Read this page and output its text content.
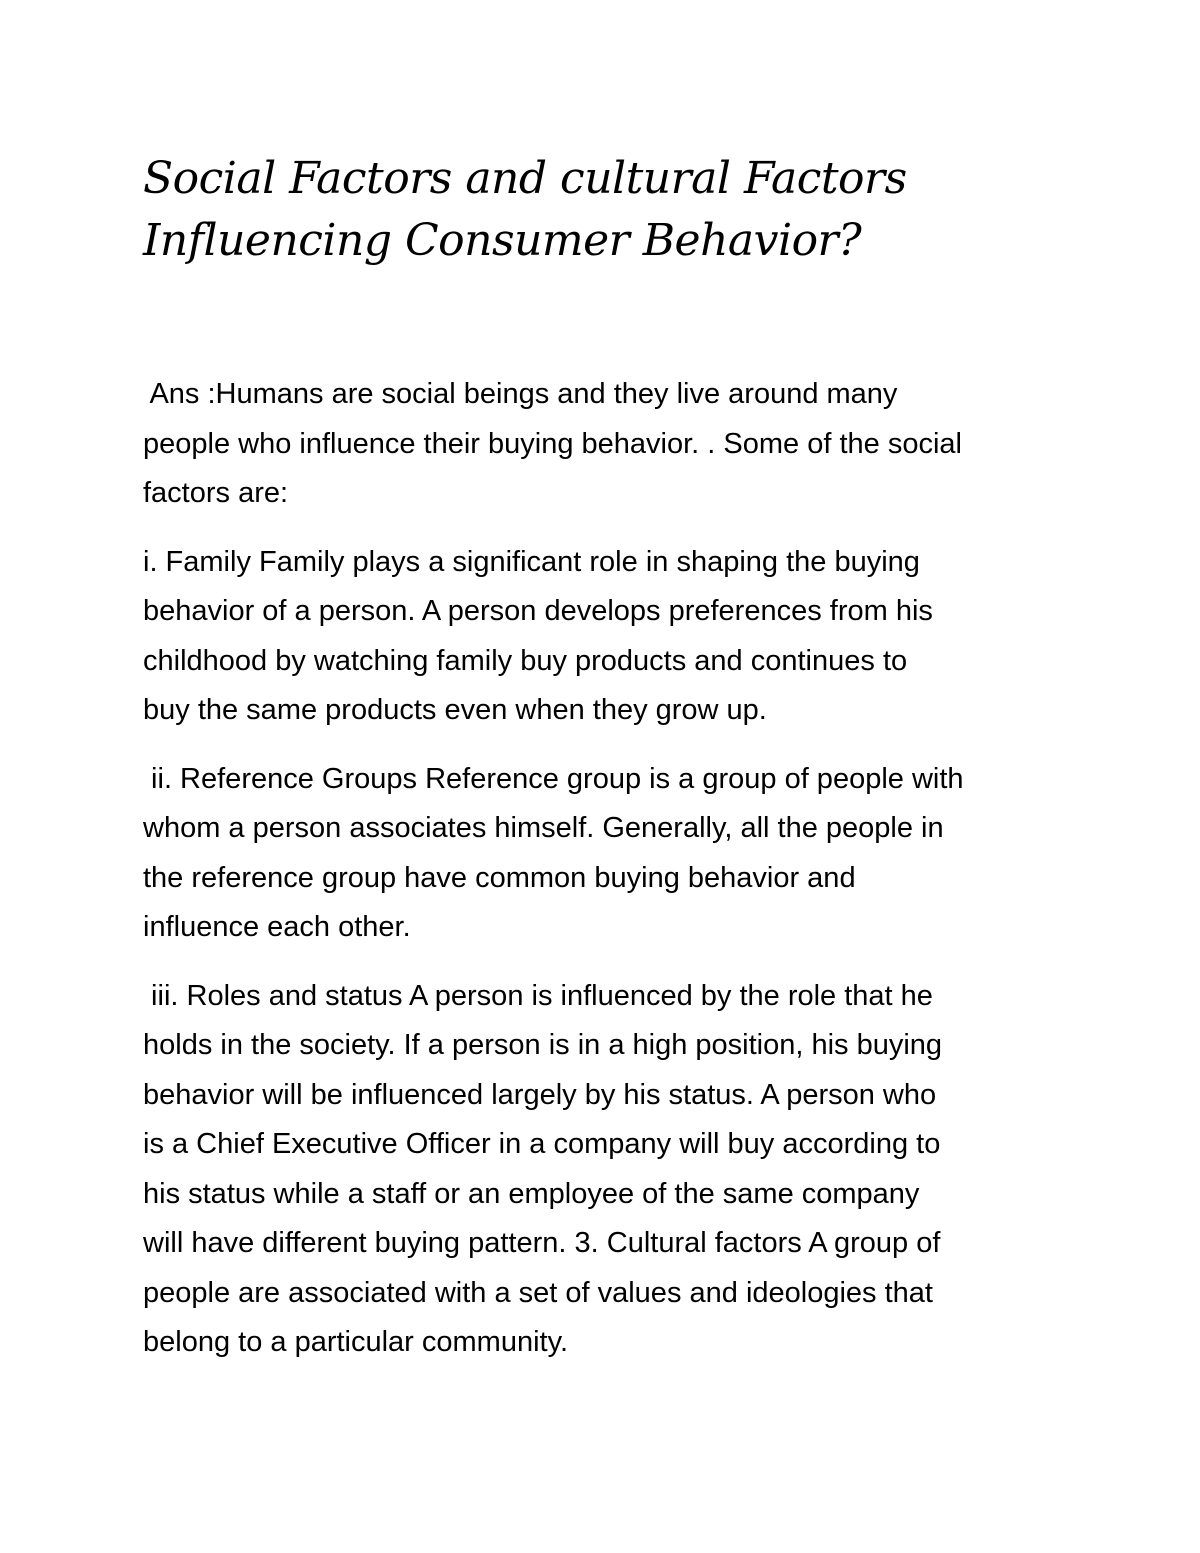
Social Factors and cultural Factors
Influencing Consumer Behavior?

Ans :Humans are social beings and they live around many
people who influence their buying behavior. . Some of the social
factors are:

i. Family Family plays a significant role in shaping the buying
behavior of a person. A person develops preferences from his
childhood by watching family buy products and continues to
buy the same products even when they grow up.

ii. Reference Groups Reference group is a group of people with
whom a person associates himself. Generally, all the people in
the reference group have common buying behavior and
influence each other.

iii. Roles and status A person is influenced by the role that he
holds in the society. If a person is in a high position, his buying
behavior will be influenced largely by his status. A person who
is a Chief Executive Officer in a company will buy according to
his status while a staff or an employee of the same company
will have different buying pattern. 3. Cultural factors A group of
people are associated with a set of values and ideologies that
belong to a particular community.
